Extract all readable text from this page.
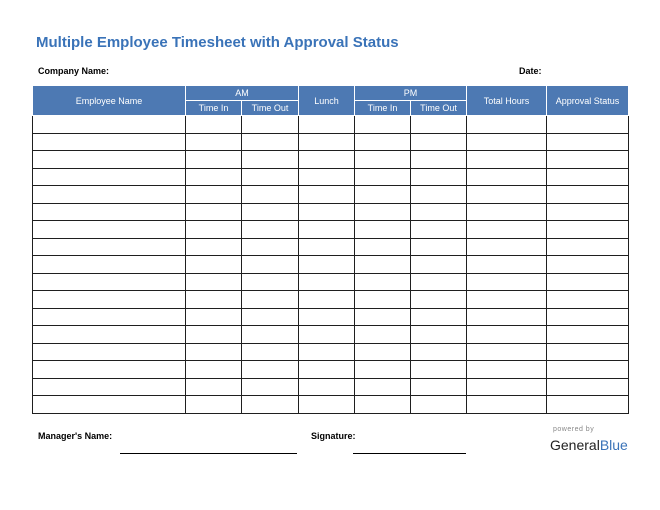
Multiple Employee Timesheet with Approval Status
Company Name:	Date:
Employee Name	AM		Lunch	PM		Total Hours	Approval Status
	Time In	Time Out		Time In	Time Out		

Manager's Name:	Signature:
powered by
GeneralBlue
